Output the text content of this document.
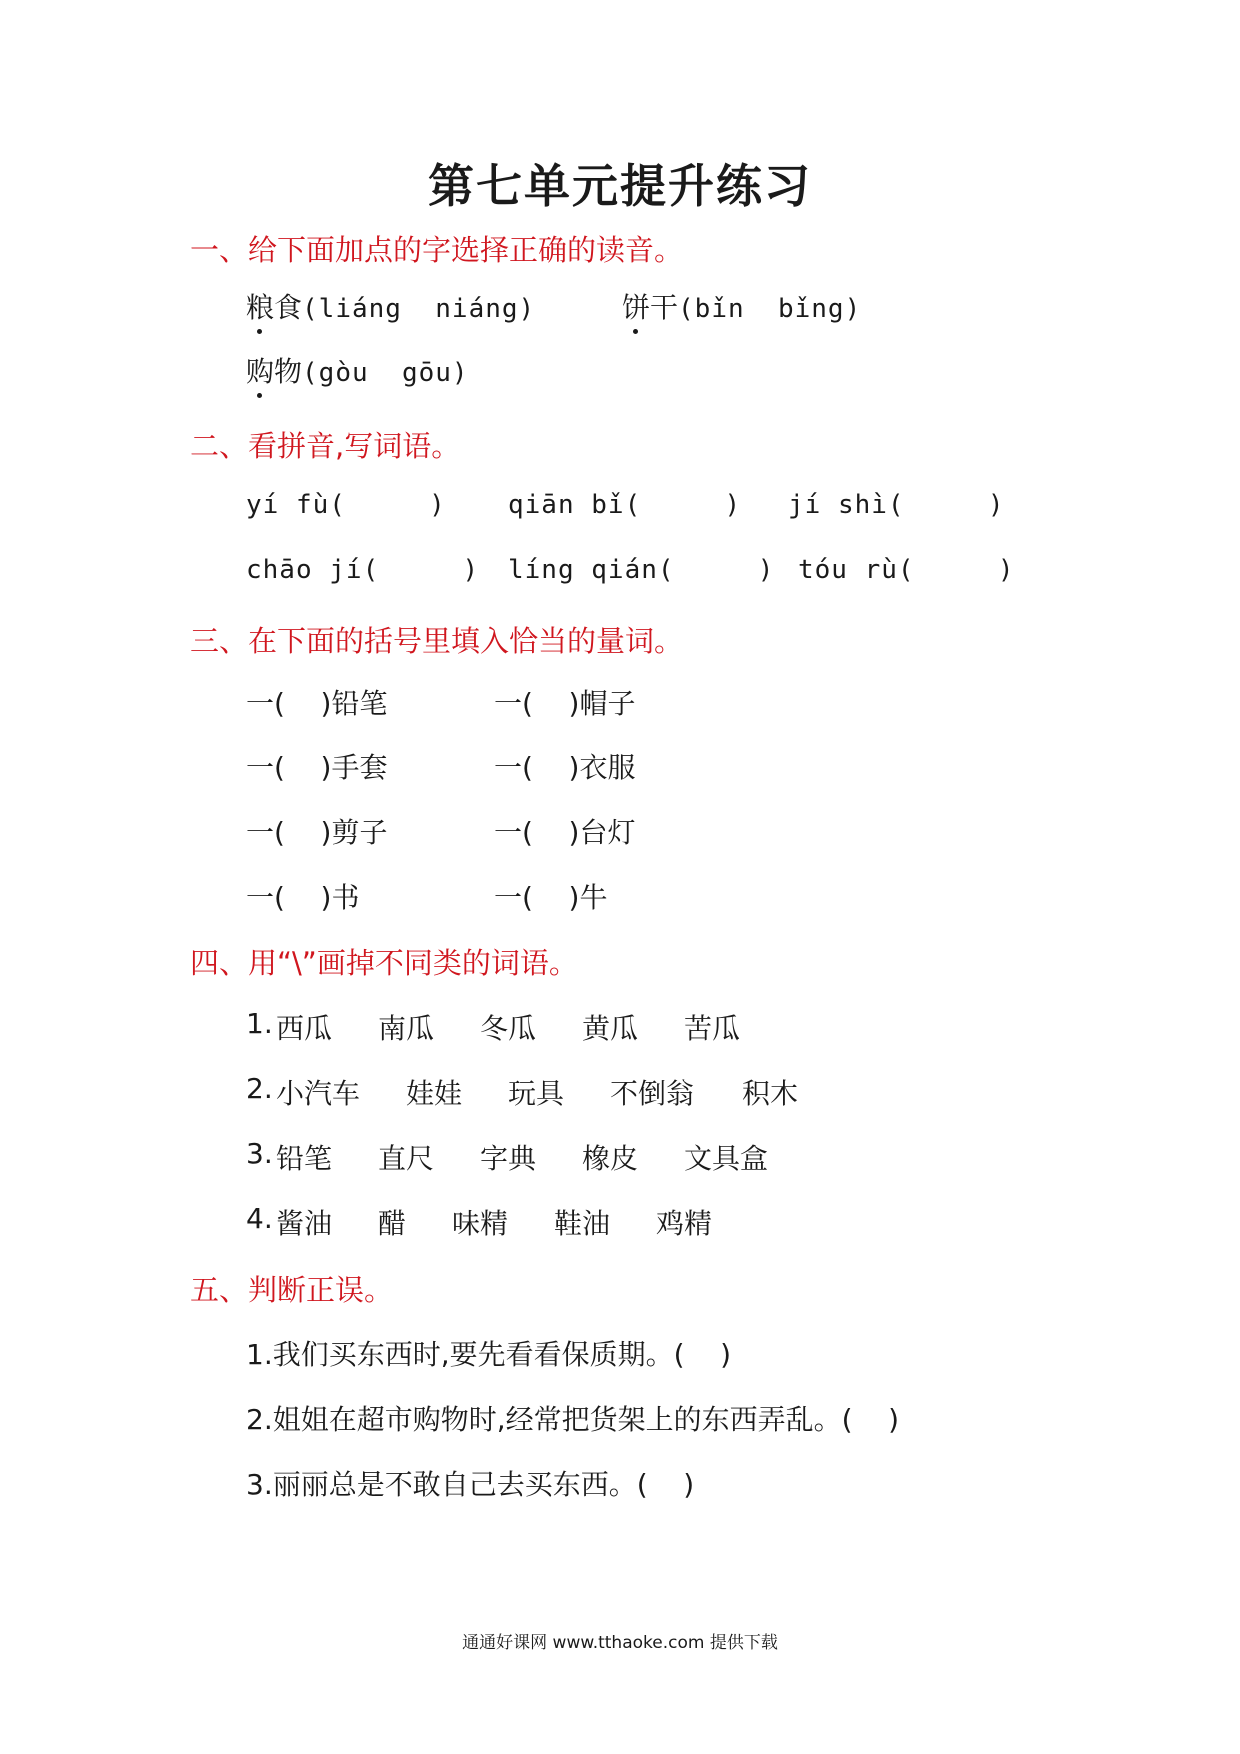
第七单元提升练习
一、给下面加点的字选择正确的读音。
粮食(liáng  niáng)	饼干(bǐn  bǐng)
购物(gòu  gōu)
二、看拼音,写词语。
yí fù(     ) qiān bǐ(     ) jí shì(     )
chāo jí(     ) líng qián(     ) tóu rù(     )
三、在下面的括号里填入恰当的量词。
一(    )铅笔	一(    )帽子
一(    )手套	一(    )衣服
一(    )剪子	一(    )台灯
一(    )书	一(    )牛
四、用“\”画掉不同类的词语。
1. 西瓜 南瓜 冬瓜 黄瓜 苦瓜
2. 小汽车 娃娃 玩具 不倒翁 积木
3. 铅笔 直尺 字典 橡皮 文具盒
4. 酱油 醋 味精 鞋油 鸡精
五、判断正误。
1.我们买东西时,要先看看保质期。(    )
2.姐姐在超市购物时,经常把货架上的东西弄乱。(    )
3.丽丽总是不敢自己去买东西。(    )
通通好课网 www.tthaoke.com 提供下载
